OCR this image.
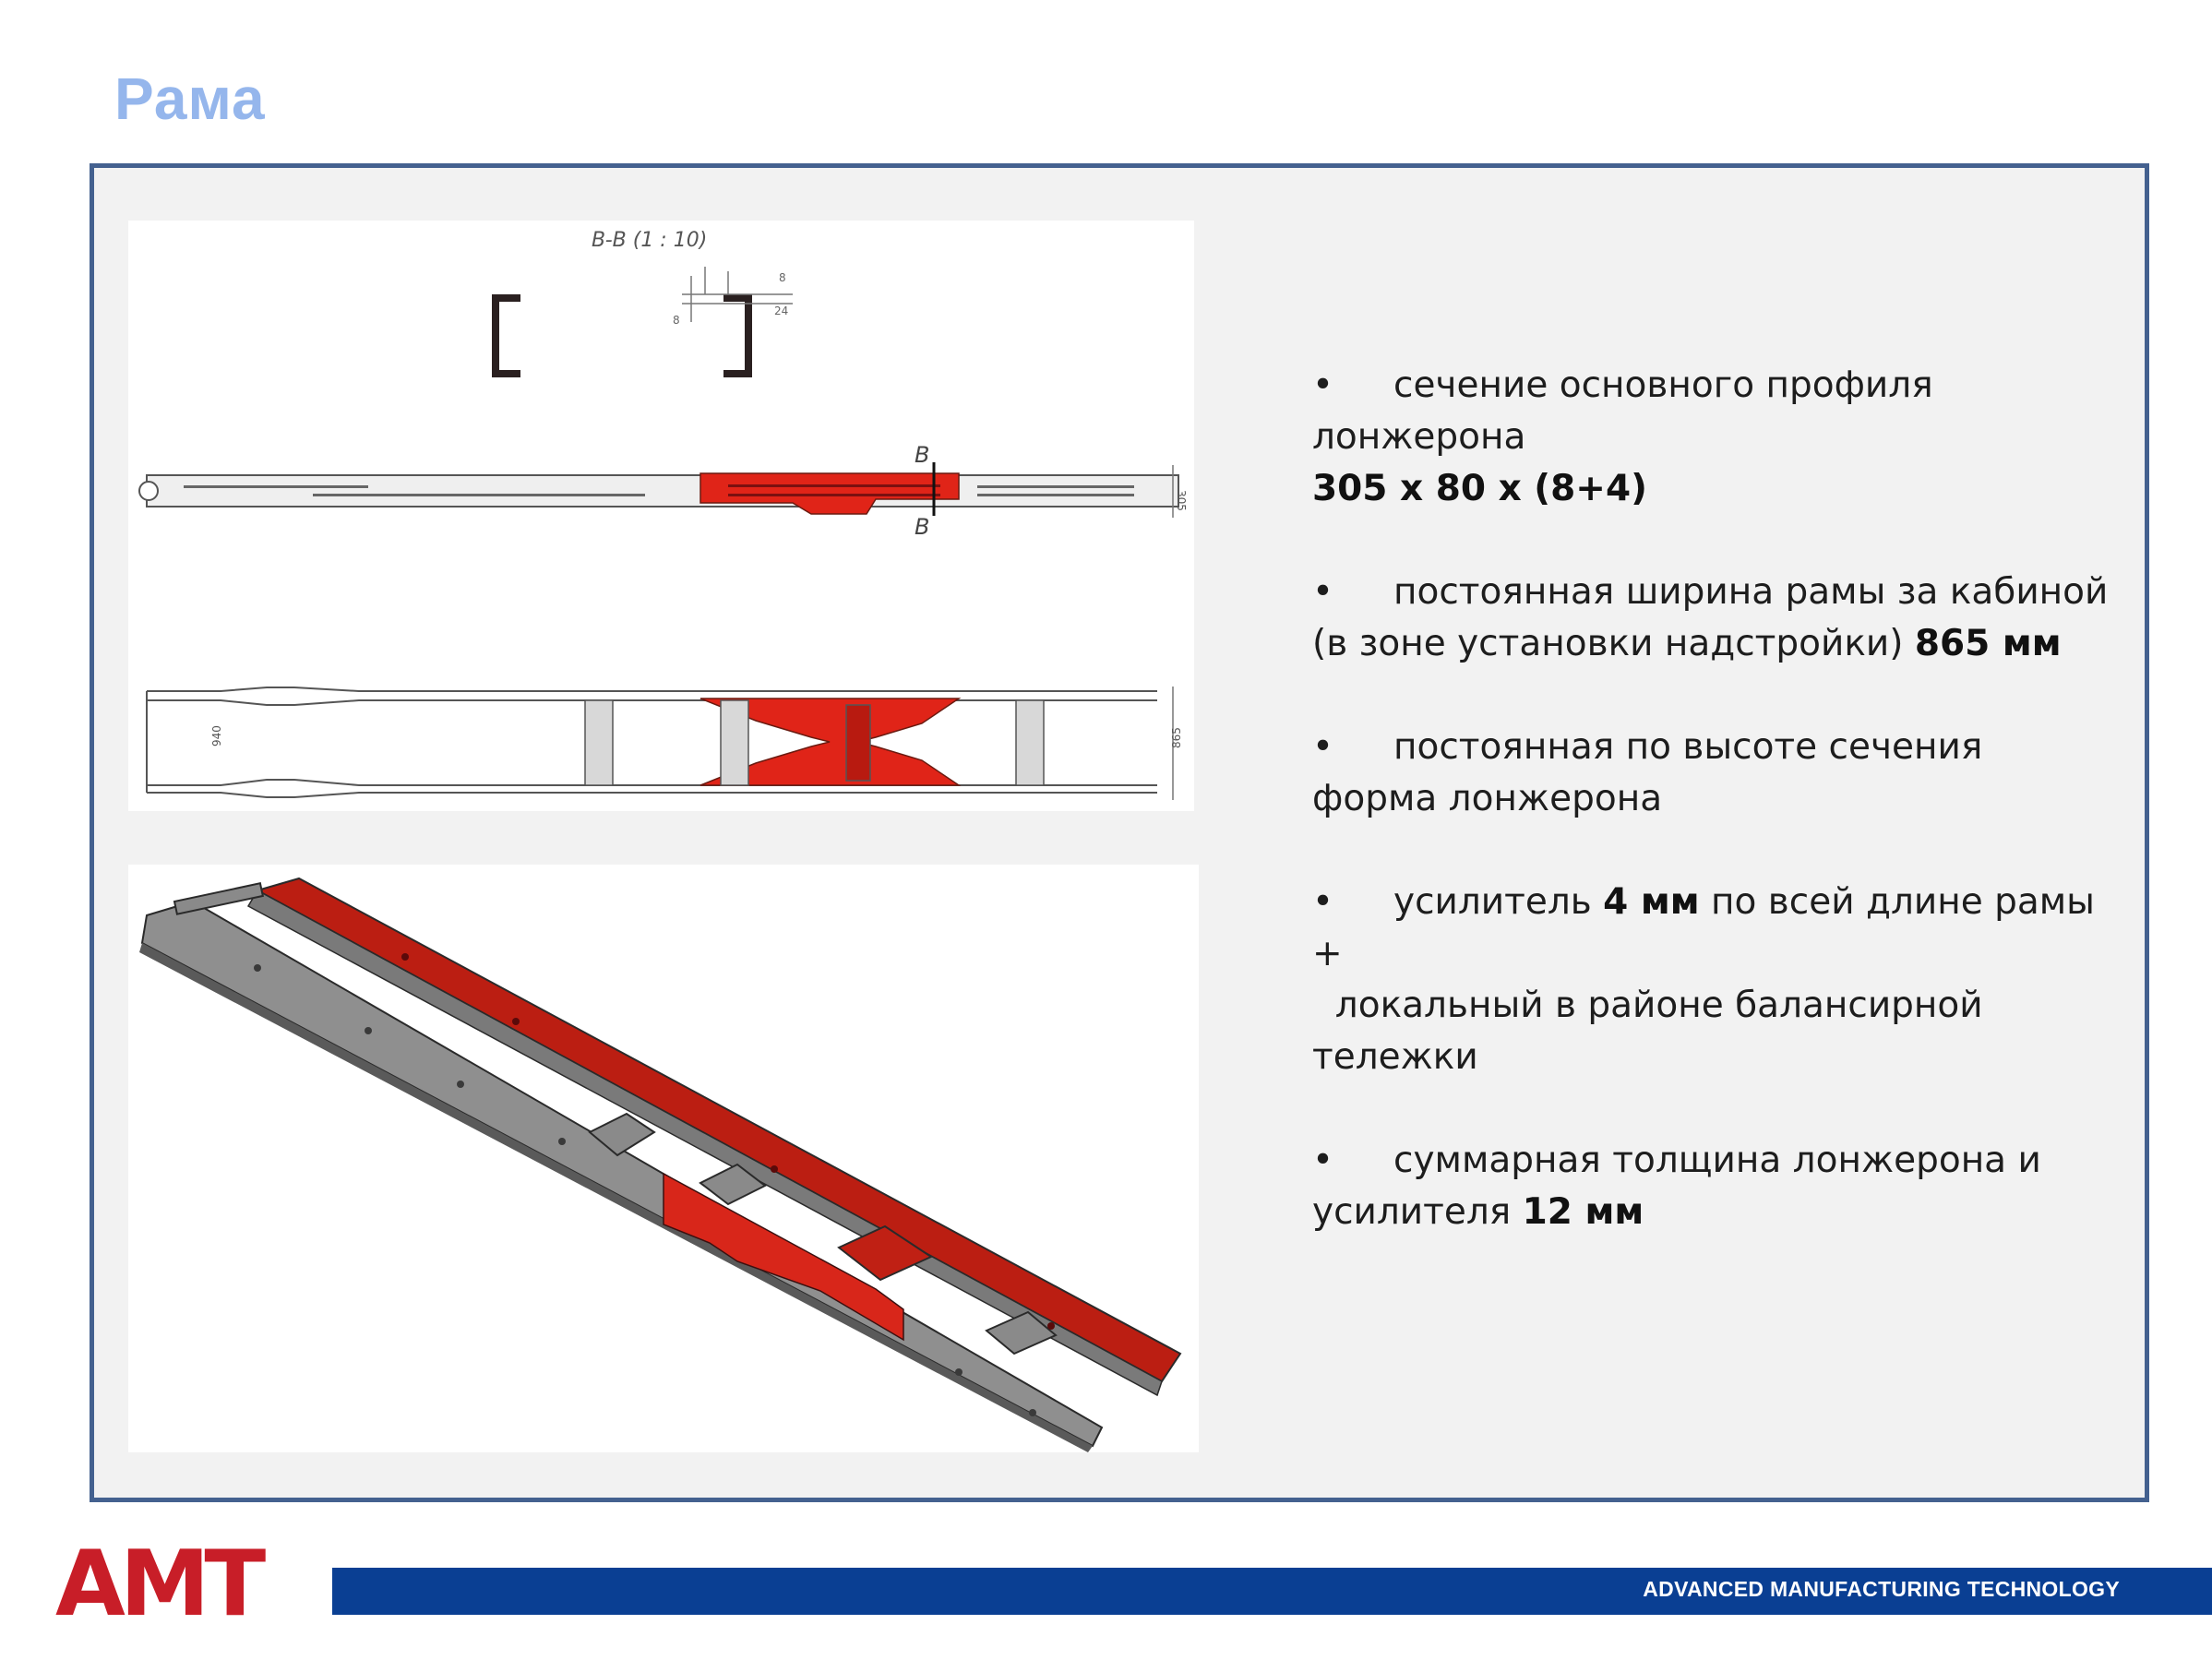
Рама
B-B (1 : 10)
8
24
8
B
B
305
940	865
• сечение основного профиля
лонжерона
305 х 80 х (8+4)
• постоянная ширина рамы за кабиной
(в зоне установки надстройки) 865 мм
• постоянная по высоте сечения
форма лонжерона
• усилитель 4 мм по всей длине рамы +
локальный в районе балансирной
тележки
• суммарная толщина лонжерона и
усилителя 12 мм
AMT	ADVANCED MANUFACTURING TECHNOLOGY
